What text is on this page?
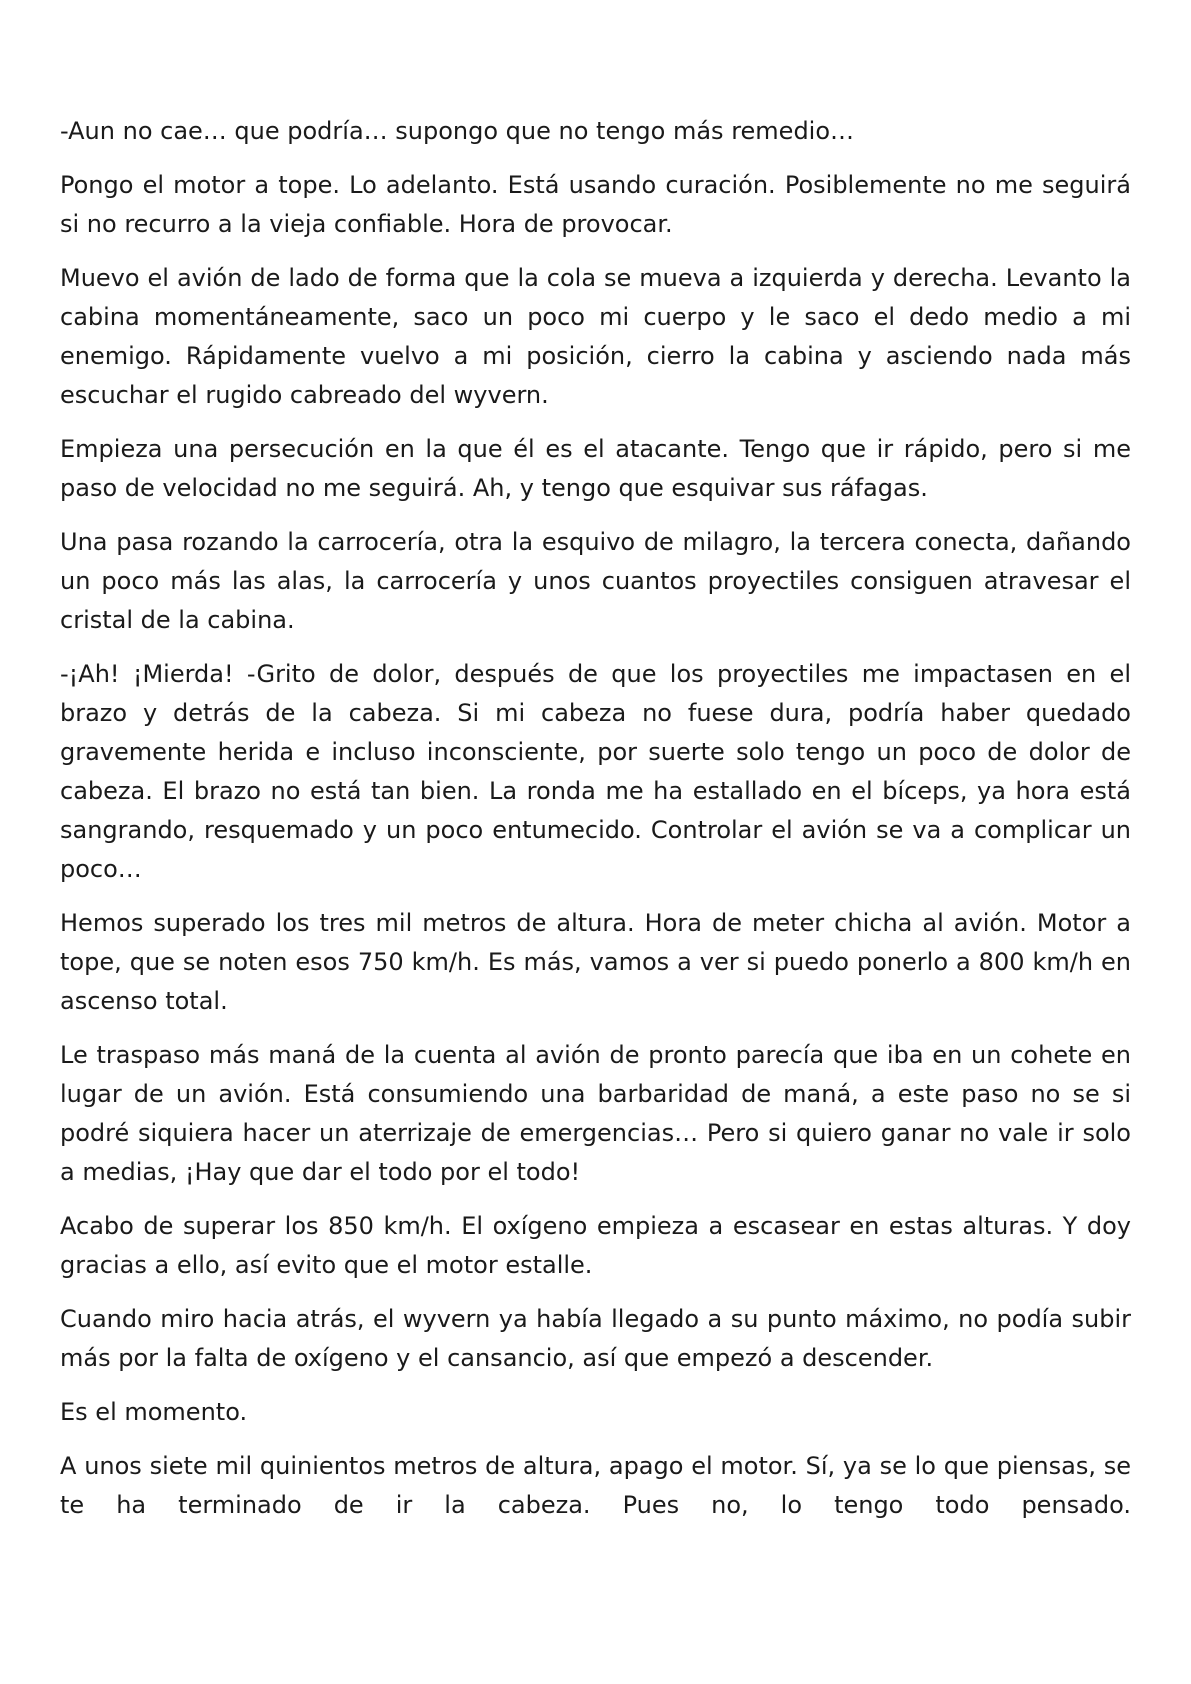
-Aun no cae… que podría… supongo que no tengo más remedio…

Pongo el motor a tope. Lo adelanto. Está usando curación. Posiblemente no me seguirá si no recurro a la vieja confiable. Hora de provocar.

Muevo el avión de lado de forma que la cola se mueva a izquierda y derecha. Levanto la cabina momentáneamente, saco un poco mi cuerpo y le saco el dedo medio a mi enemigo. Rápidamente vuelvo a mi posición, cierro la cabina y asciendo nada más escuchar el rugido cabreado del wyvern.

Empieza una persecución en la que él es el atacante. Tengo que ir rápido, pero si me paso de velocidad no me seguirá. Ah, y tengo que esquivar sus ráfagas.

Una pasa rozando la carrocería, otra la esquivo de milagro, la tercera conecta, dañando un poco más las alas, la carrocería y unos cuantos proyectiles consiguen atravesar el cristal de la cabina.

-¡Ah! ¡Mierda! -Grito de dolor, después de que los proyectiles me impactasen en el brazo y detrás de la cabeza. Si mi cabeza no fuese dura, podría haber quedado gravemente herida e incluso inconsciente, por suerte solo tengo un poco de dolor de cabeza. El brazo no está tan bien. La ronda me ha estallado en el bíceps, ya hora está sangrando, resquemado y un poco entumecido. Controlar el avión se va a complicar un poco…

Hemos superado los tres mil metros de altura. Hora de meter chicha al avión. Motor a tope, que se noten esos 750 km/h. Es más, vamos a ver si puedo ponerlo a 800 km/h en ascenso total.

Le traspaso más maná de la cuenta al avión de pronto parecía que iba en un cohete en lugar de un avión. Está consumiendo una barbaridad de maná, a este paso no se si podré siquiera hacer un aterrizaje de emergencias… Pero si quiero ganar no vale ir solo a medias, ¡Hay que dar el todo por el todo!

Acabo de superar los 850 km/h. El oxígeno empieza a escasear en estas alturas. Y doy gracias a ello, así evito que el motor estalle.

Cuando miro hacia atrás, el wyvern ya había llegado a su punto máximo, no podía subir más por la falta de oxígeno y el cansancio, así que empezó a descender.

Es el momento.

A unos siete mil quinientos metros de altura, apago el motor. Sí, ya se lo que piensas, se te ha terminado de ir la cabeza. Pues no, lo tengo todo pensado.
